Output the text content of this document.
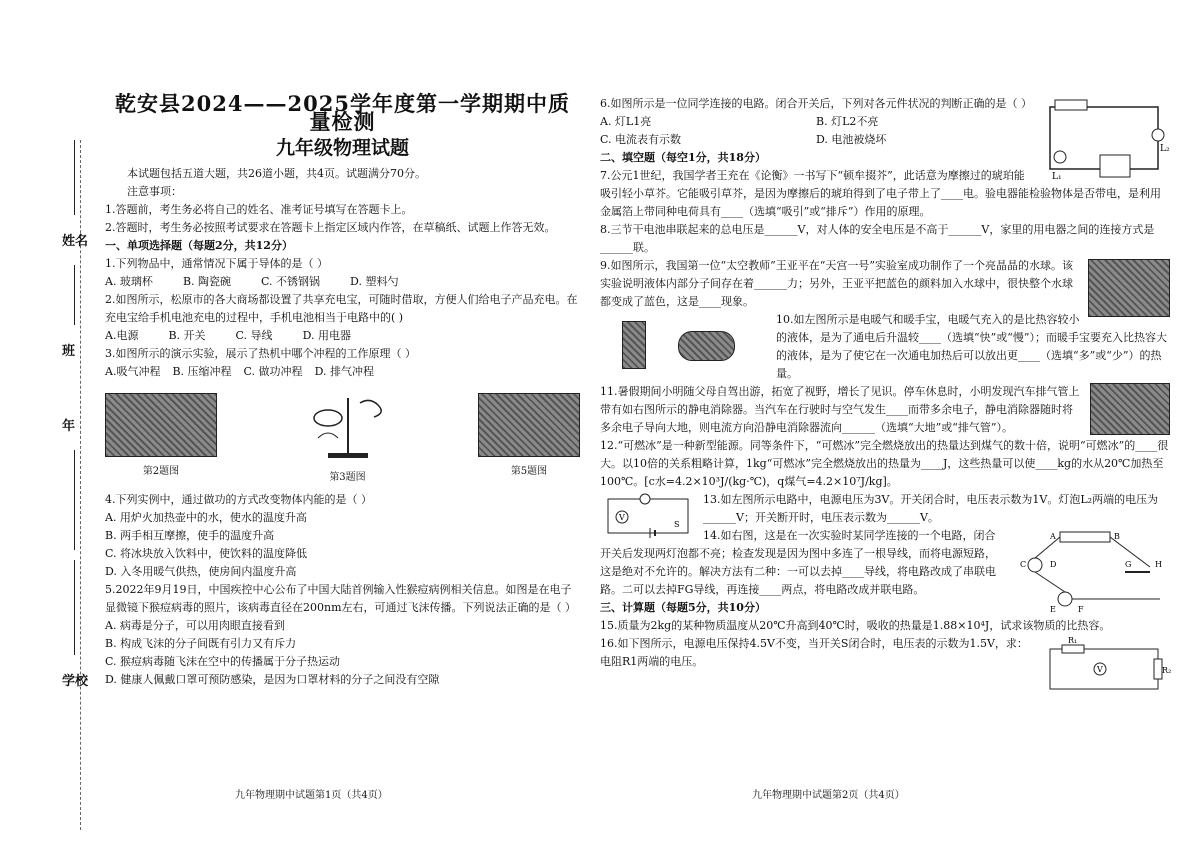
姓名
班
年
学校
乾安县2024——2025学年度第一学期期中质量检测
九年级物理试题

本试题包括五道大题，共26道小题，共4页。试题满分70分。

注意事项：

1.答题前，考生务必将自己的姓名、准考证号填写在答题卡上。

2.答题时，考生务必按照考试要求在答题卡上指定区域内作答，在草稿纸、试题上作答无效。

一、单项选择题（每题2分，共12分）

1.下列物品中，通常情况下属于导体的是（ ）

A. 玻璃杯	B. 陶瓷碗	C. 不锈钢锅	D. 塑料勺

2.如图所示，松原市的各大商场都设置了共享充电宝，可随时借取，方便人们给电子产品充电。在充电宝给手机电池充电的过程中，手机电池相当于电路中的( )

A.电源	B. 开关	C. 导线	D. 用电器

3.如图所示的演示实验，展示了热机中哪个冲程的工作原理（ ）

A.吸气冲程 B. 压缩冲程 C. 做功冲程 D. 排气冲程
第2题图
第3题图
第5题图

4.下列实例中，通过做功的方式改变物体内能的是（ ）

A. 用炉火加热壶中的水，使水的温度升高

B. 两手相互摩擦，使手的温度升高

C. 将冰块放入饮料中，使饮料的温度降低

D. 入冬用暖气供热，使房间内温度升高

5.2022年9月19日，中国疾控中心公布了中国大陆首例输入性猴痘病例相关信息。如图是在电子显微镜下猴痘病毒的照片，该病毒直径在200nm左右，可通过飞沫传播。下列说法正确的是（ ）

A. 病毒是分子，可以用肉眼直接看到

B. 构成飞沫的分子间既有引力又有斥力

C. 猴痘病毒随飞沫在空中的传播属于分子热运动

D. 健康人佩戴口罩可预防感染，是因为口罩材料的分子之间没有空隙

九年物理期中试题第1页（共4页）
L₂
L₁

6.如图所示是一位同学连接的电路。闭合开关后，下列对各元件状况的判断正确的是（ ）

A. 灯L1亮	B. 灯L2不亮
C. 电流表有示数	D. 电池被烧坏

二、填空题（每空1分，共18分）

7.公元1世纪，我国学者王充在《论衡》一书写下“顿牟掇芥”，此话意为摩擦过的琥珀能吸引轻小草芥。它能吸引草芥，是因为摩擦后的琥珀得到了电子带上了____电。验电器能检验物体是否带电，是利用金属箔上带同种电荷具有____（选填“吸引”或“排斥”）作用的原理。

8.三节干电池串联起来的总电压是______V，对人体的安全电压是不高于______V，家里的用电器之间的连接方式是______联。

9.如图所示，我国第一位“太空教师”王亚平在“天宫一号”实验室成功制作了一个亮晶晶的水球。该实验说明液体内部分子间存在着______力；另外，王亚平把蓝色的颜料加入水球中，很快整个水球都变成了蓝色，这是____现象。

10.如左图所示是电暖气和暖手宝，电暖气充入的是比热容较小的液体，是为了通电后升温较____（选填“快”或“慢”）；而暖手宝要充入比热容大的液体，是为了使它在一次通电加热后可以放出更____（选填“多”或“少”）的热量。

11.暑假期间小明随父母自驾出游，拓宽了视野，增长了见识。停车休息时，小明发现汽车排气管上带有如右图所示的静电消除器。当汽车在行驶时与空气发生____而带多余电子，静电消除器随时将多余电子导向大地，则电流方向沿静电消除器流向______（选填“大地”或“排气管”）。

12.“可燃冰”是一种新型能源。同等条件下，“可燃冰”完全燃烧放出的热量达到煤气的数十倍，说明“可燃冰”的____很大。以10倍的关系粗略计算，1kg“可燃冰”完全燃烧放出的热量为____J，这些热量可以使____kg的水从20℃加热至100℃。[c水=4.2×10³J/(kg·℃)，q煤气=4.2×10⁷J/kg]。

V
S

13.如左图所示电路中，电源电压为3V。开关闭合时，电压表示数为1V。灯泡L₂两端的电压为______V；开关断开时，电压表示数为______V。

A	B
C	D
E	F
G	H

14.如右图，这是在一次实验时某同学连接的一个电路，闭合开关后发现两灯泡都不亮；检查发现是因为图中多连了一根导线，而将电源短路，这是绝对不允许的。解决方法有二种：一可以去掉____导线，将电路改成了串联电路。二可以去掉FG导线，再连接____两点，将电路改成并联电路。

三、计算题（每题5分，共10分）

15.质量为2kg的某种物质温度从20℃升高到40℃时，吸收的热量是1.88×10⁴J，试求该物质的比热容。

R₁
R₂
V

16.如下图所示，电源电压保持4.5V不变，当开关S闭合时，电压表的示数为1.5V，求：电阻R1两端的电压。

九年物理期中试题第2页（共4页）
